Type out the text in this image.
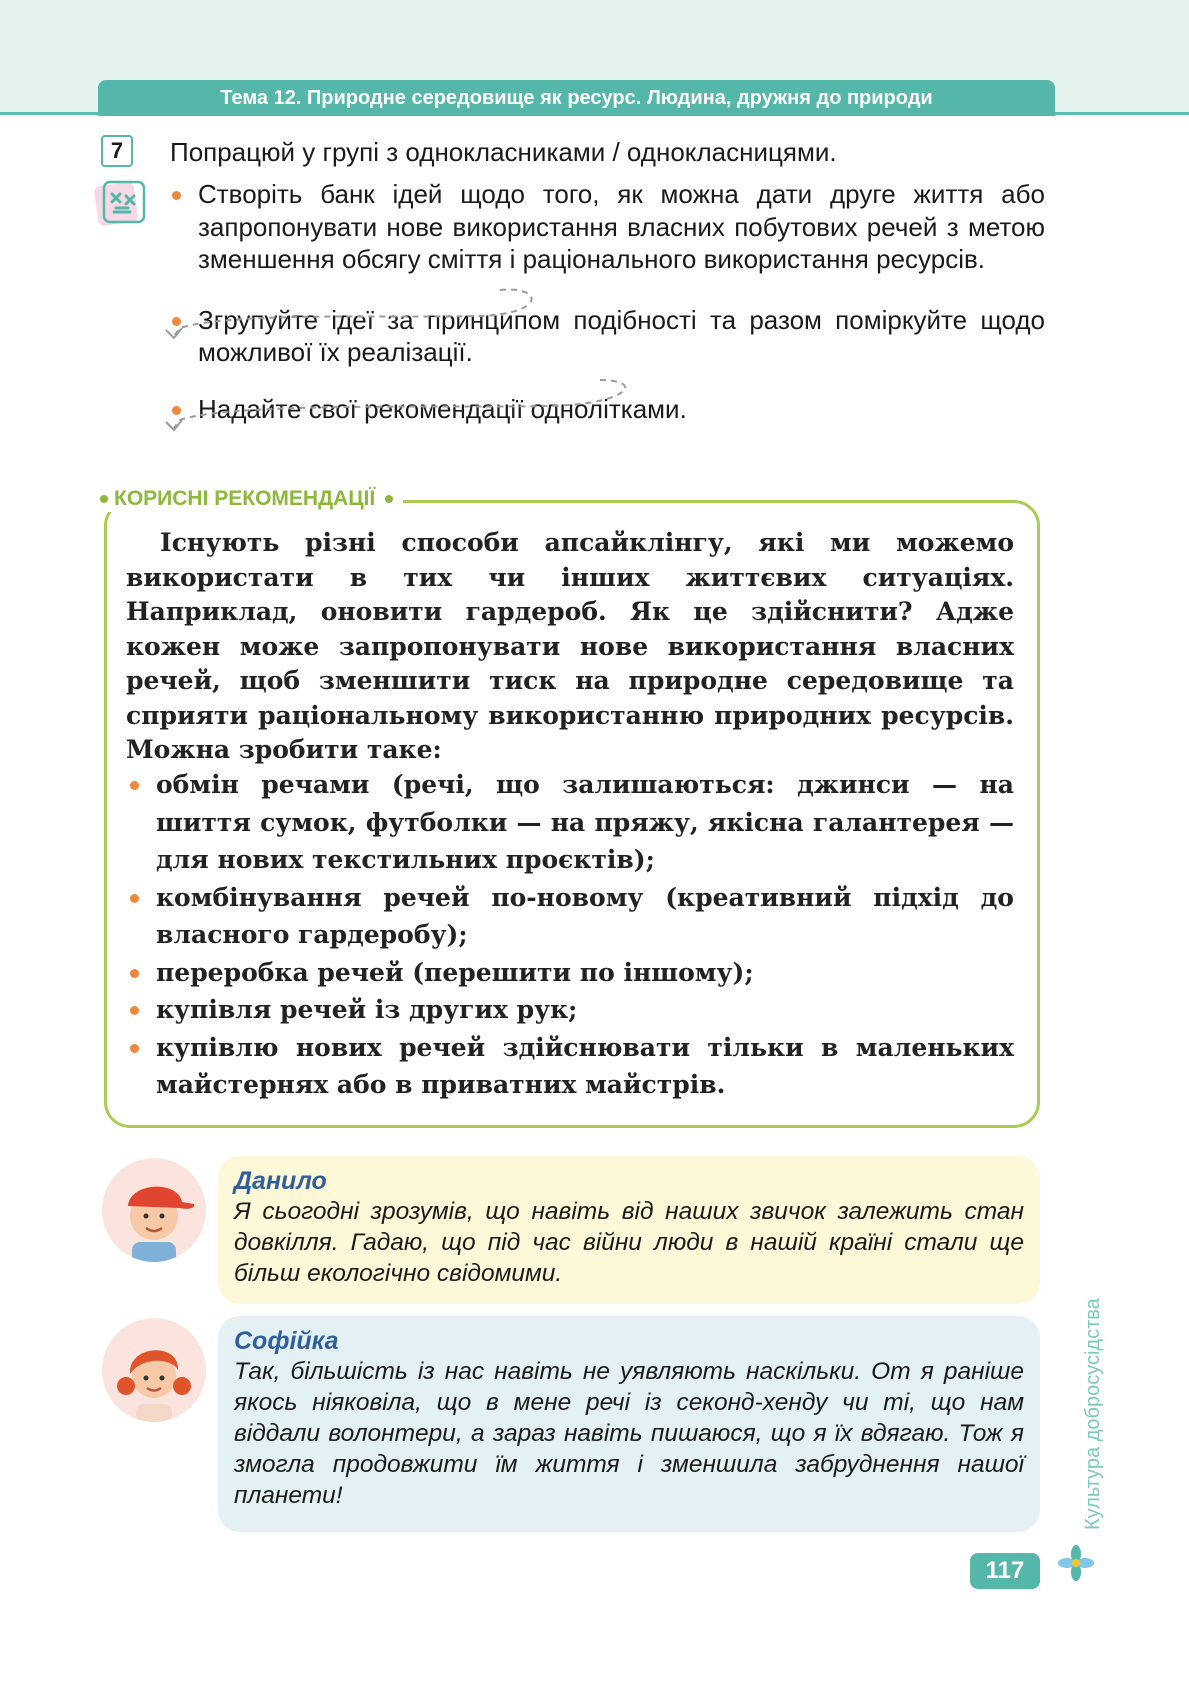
Тема 12. Природне середовище як ресурс. Людина, дружня до природи
7	Попрацюй у групі з однокласниками / однокласницями.

Створіть банк ідей щодо того, як можна дати друге життя або запропонувати нове використання власних побутових речей з метою зменшення обсягу сміття і раціонального використання ресурсів.
Згрупуйте ідеї за принципом подібності та разом поміркуйте щодо можливої їх реалізації.
Надайте свої рекомендації однолітками.
КОРИСНІ РЕКОМЕНДАЦІЇ

Існують різні способи апсайклінгу, які ми можемо використати в тих чи інших життєвих ситуаціях. Наприклад, оновити гардероб. Як це здійснити? Адже кожен може запропонувати нове використання власних речей, щоб зменшити тиск на природне середовище та сприяти раціональному використанню природних ресурсів. Можна зробити таке:

обмін речами (речі, що залишаються: джинси — на шиття сумок, футболки — на пряжу, якісна галантерея — для нових текстильних проєктів);
комбінування речей по-новому (креативний підхід до власного гардеробу);
переробка речей (перешити по іншому);
купівля речей із других рук;
купівлю нових речей здійснювати тільки в маленьких майстернях або в приватних майстрів.

Данило

Я сьогодні зрозумів, що навіть від наших звичок залежить стан довкілля. Гадаю, що під час війни люди в нашій країні стали ще більш екологічно свідомими.

Софійка

Так, більшість із нас навіть не уявляють наскільки. От я раніше якось ніяковіла, що в мене речі із секонд-хенду чи ті, що нам віддали волонтери, а зараз навіть пишаюся, що я їх вдягаю. Тож я змогла продовжити їм життя і зменшила забруднення нашої планети!	Культура добросусідства
117
